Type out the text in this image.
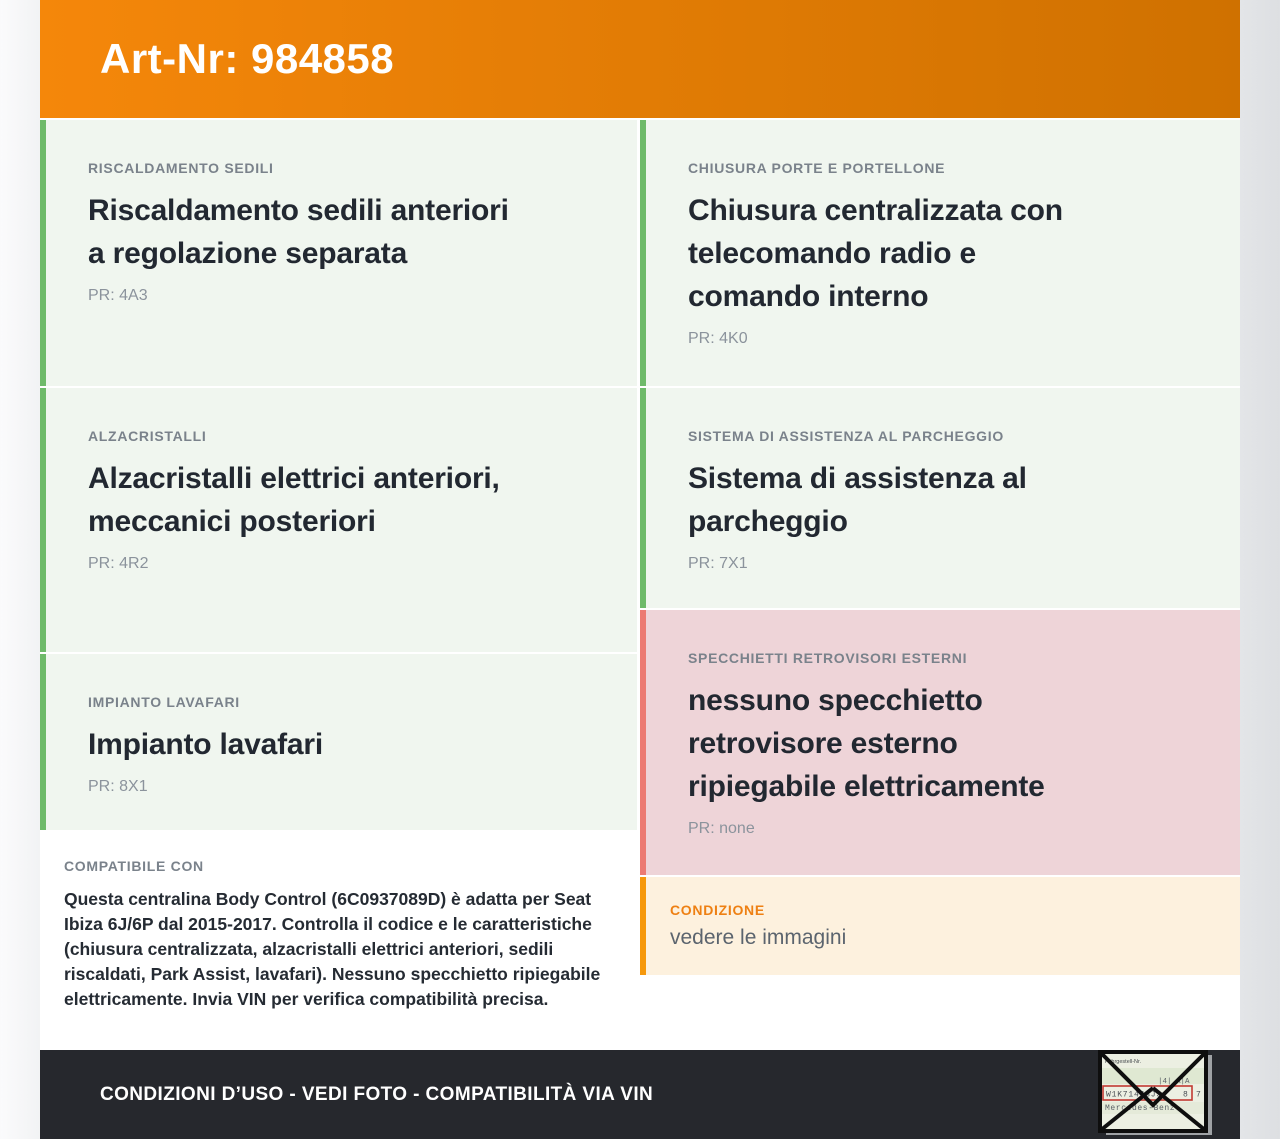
Art-Nr: 984858
RISCALDAMENTO SEDILI
Riscaldamento sedili anteriori a regolazione separata
PR: 4A3
ALZACRISTALLI
Alzacristalli elettrici anteriori, meccanici posteriori
PR: 4R2
IMPIANTO LAVAFARI
Impianto lavafari
PR: 8X1
COMPATIBILE CON
Questa centralina Body Control (6C0937089D) è adatta per Seat Ibiza 6J/6P dal 2015-2017. Controlla il codice e le caratteristiche (chiusura centralizzata, alzacristalli elettrici anteriori, sedili riscaldati, Park Assist, lavafari). Nessuno specchietto ripiegabile elettricamente. Invia VIN per verifica compatibilità precisa.
CHIUSURA PORTE E PORTELLONE
Chiusura centralizzata con telecomando radio e comando interno
PR: 4K0
SISTEMA DI ASSISTENZA AL PARCHEGGIO
Sistema di assistenza al parcheggio
PR: 7X1
SPECCHIETTI RETROVISORI ESTERNI
nessuno specchietto retrovisore esterno ripiegabile elettricamente
PR: none
CONDIZIONE
vedere le immagini
CONDIZIONI D’USO - VEDI FOTO - COMPATIBILITÀ VIA VIN
Fahrgestell-Nr.
|4| A|A
W1K71463J31 8 7
Mercedes-Benz
